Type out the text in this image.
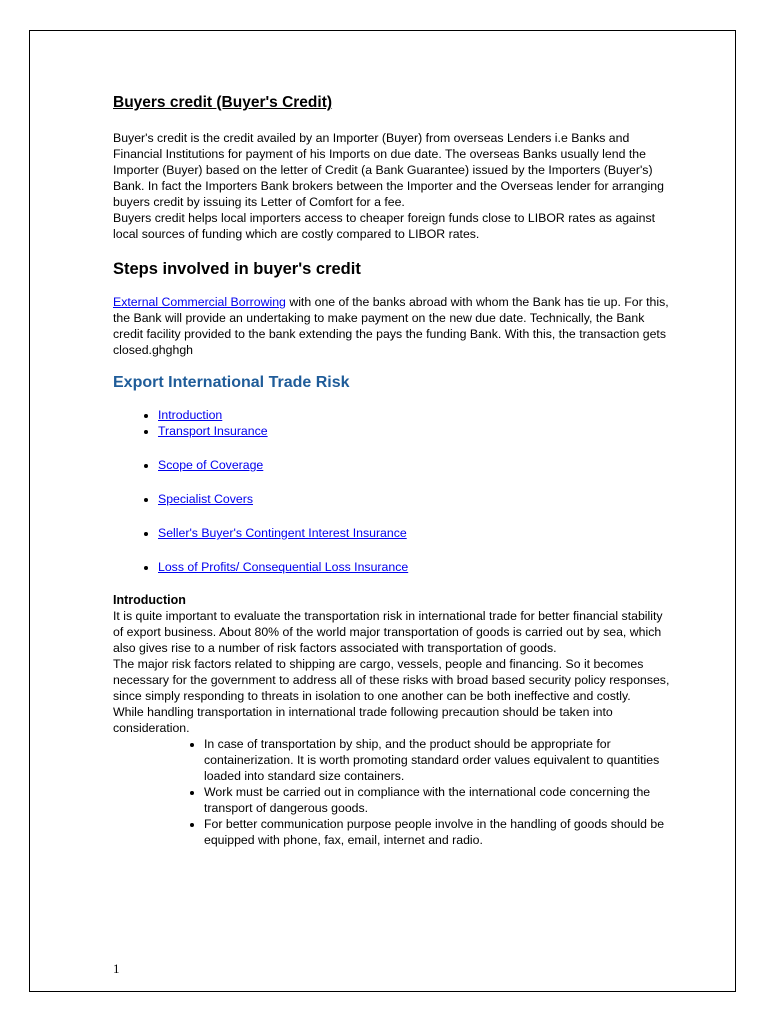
Buyers credit (Buyer's Credit)

Buyer's credit is the credit availed by an Importer (Buyer) from overseas Lenders i.e Banks and Financial Institutions for payment of his Imports on due date. The overseas Banks usually lend the Importer (Buyer) based on the letter of Credit (a Bank Guarantee) issued by the Importers (Buyer's) Bank. In fact the Importers Bank brokers between the Importer and the Overseas lender for arranging buyers credit by issuing its Letter of Comfort for a fee.

Buyers credit helps local importers access to cheaper foreign funds close to LIBOR rates as against local sources of funding which are costly compared to LIBOR rates.

Steps involved in buyer's credit

External Commercial Borrowing with one of the banks abroad with whom the Bank has tie up. For this, the Bank will provide an undertaking to make payment on the new due date. Technically, the Bank credit facility provided to the bank extending the pays the funding Bank. With this, the transaction gets closed.ghghgh

Export International Trade Risk
• Introduction
• Transport Insurance
• Scope of Coverage
• Specialist Covers
• Seller's Buyer's Contingent Interest Insurance
• Loss of Profits/ Consequential Loss Insurance
Introduction

It is quite important to evaluate the transportation risk in international trade for better financial stability of export business. About 80% of the world major transportation of goods is carried out by sea, which also gives rise to a number of risk factors associated with transportation of goods.

The major risk factors related to shipping are cargo, vessels, people and financing. So it becomes necessary for the government to address all of these risks with broad based security policy responses, since simply responding to threats in isolation to one another can be both ineffective and costly.

While handling transportation in international trade following precaution should be taken into consideration.

• In case of transportation by ship, and the product should be appropriate for containerization. It is worth promoting standard order values equivalent to quantities loaded into standard size containers.
• Work must be carried out in compliance with the international code concerning the transport of dangerous goods.
• For better communication purpose people involve in the handling of goods should be equipped with phone, fax, email, internet and radio.
1
